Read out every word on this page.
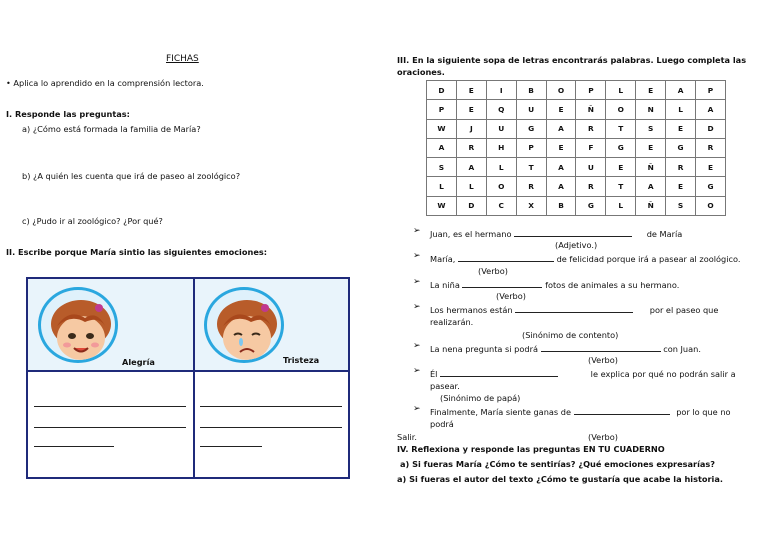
FICHAS
• Aplica lo aprendido en la comprensión lectora.
I. Responde las preguntas:
a) ¿Cómo está formada la familia de María?
b) ¿A quién les cuenta que irá de paseo al zoológico?
c) ¿Pudo ir al zoológico? ¿Por qué?
II. Escribe porque María sintio las siguientes emociones:
Alegría	Tristeza
III. En la siguiente sopa de letras encontrarás palabras. Luego completa las oraciones.
D	E	I	B	O	P	L	E	A	P
P	E	Q	U	E	Ñ	O	N	L	A
W	J	U	G	A	R	T	S	E	D
A	R	H	P	E	F	G	E	G	R
S	A	L	T	A	U	E	Ñ	R	E
L	L	O	R	A	R	T	A	E	G
W	D	C	X	B	G	L	Ñ	S	O
➢ Juan, es el hermano	de María
(Adjetivo.)
➢ María,	de felicidad porque irá a pasear al zoológico.
(Verbo)
➢ La niña	fotos de animales a su hermano.
(Verbo)
➢ Los hermanos están	por el paseo que
realizarán.
(Sinónimo de contento)
➢ La nena pregunta si podrá	con Juan.
(Verbo)
➢ Él	le explica por qué no podrán salir a
pasear.
(Sinónimo de papá)
➢ Finalmente, María siente ganas de	por lo que no
podrá
Salir.	(Verbo)
IV. Reflexiona y responde las preguntas EN TU CUADERNO
a) Si fueras María ¿Cómo te sentirías? ¿Qué emociones expresarías?
a) Si fueras el autor del texto ¿Cómo te gustaría que acabe la historia.
